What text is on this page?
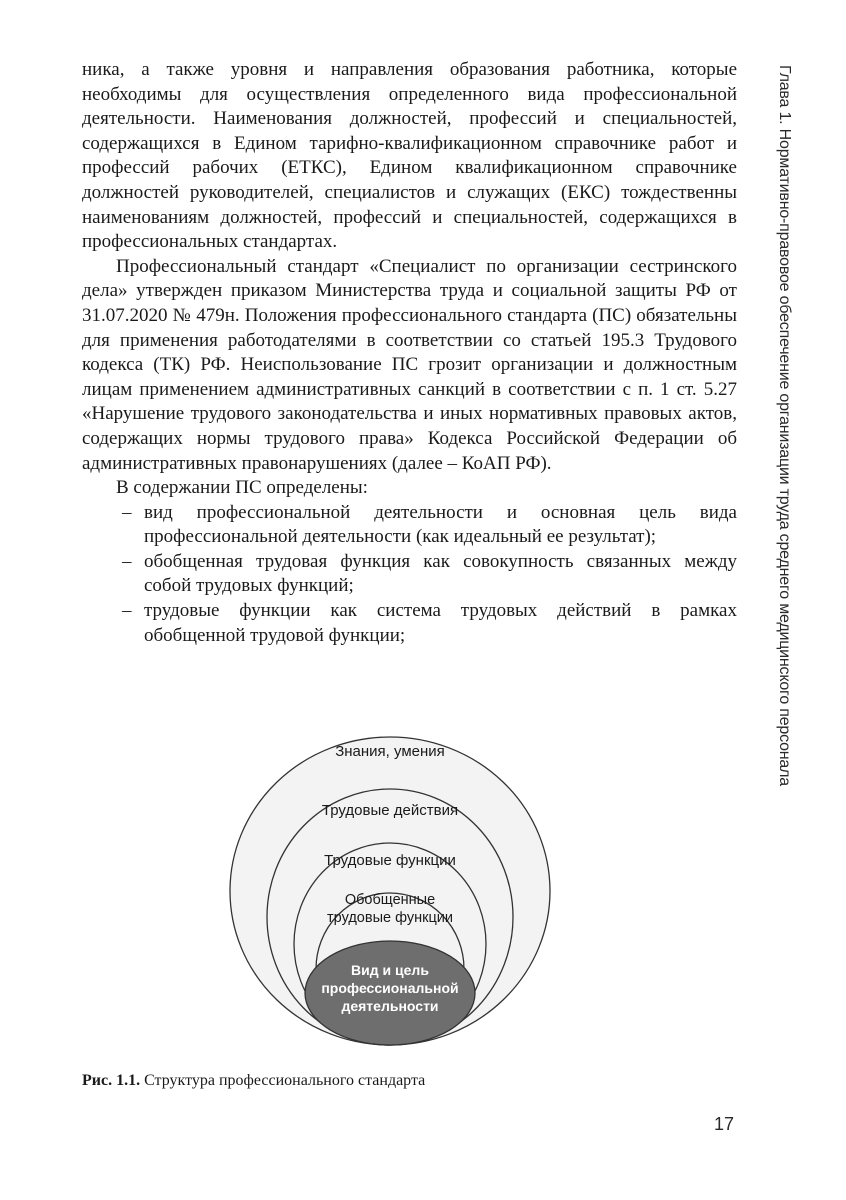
Глава 1. Нормативно-правовое обеспечение организации труда среднего медицинского персонала

ника, а также уровня и направления образования работника, которые необходимы для осуществления определенного вида профессиональной деятельности. Наименования должностей, профессий и специальностей, содержащихся в Едином тарифно-квалификационном справочнике работ и профессий рабочих (ЕТКС), Едином квалификационном справочнике должностей руководителей, специалистов и служащих (ЕКС) тождественны наименованиям должностей, профессий и специальностей, содержащихся в профессиональных стандартах.

Профессиональный стандарт «Специалист по организации сестринского дела» утвержден приказом Министерства труда и социальной защиты РФ от 31.07.2020 № 479н. Положения профессионального стандарта (ПС) обязательны для применения работодателями в соответствии со статьей 195.3 Трудового кодекса (ТК) РФ. Неиспользование ПС грозит организации и должностным лицам применением административных санкций в соответствии с п. 1 ст. 5.27 «Нарушение трудового законодательства и иных нормативных правовых актов, содержащих нормы трудового права» Кодекса Российской Федерации об административных правонарушениях (далее – КоАП РФ).

В содержании ПС определены:

– вид профессиональной деятельности и основная цель вида профессиональной деятельности (как идеальный ее результат);
– обобщенная трудовая функция как совокупность связанных между собой трудовых функций;
– трудовые функции как система трудовых действий в рамках обобщенной трудовой функции;
Знания, умения
Трудовые действия
Трудовые функции
Обобщенные
трудовые функции
Вид и цель
профессиональной
деятельности
Рис. 1.1. Структура профессионального стандарта
17
